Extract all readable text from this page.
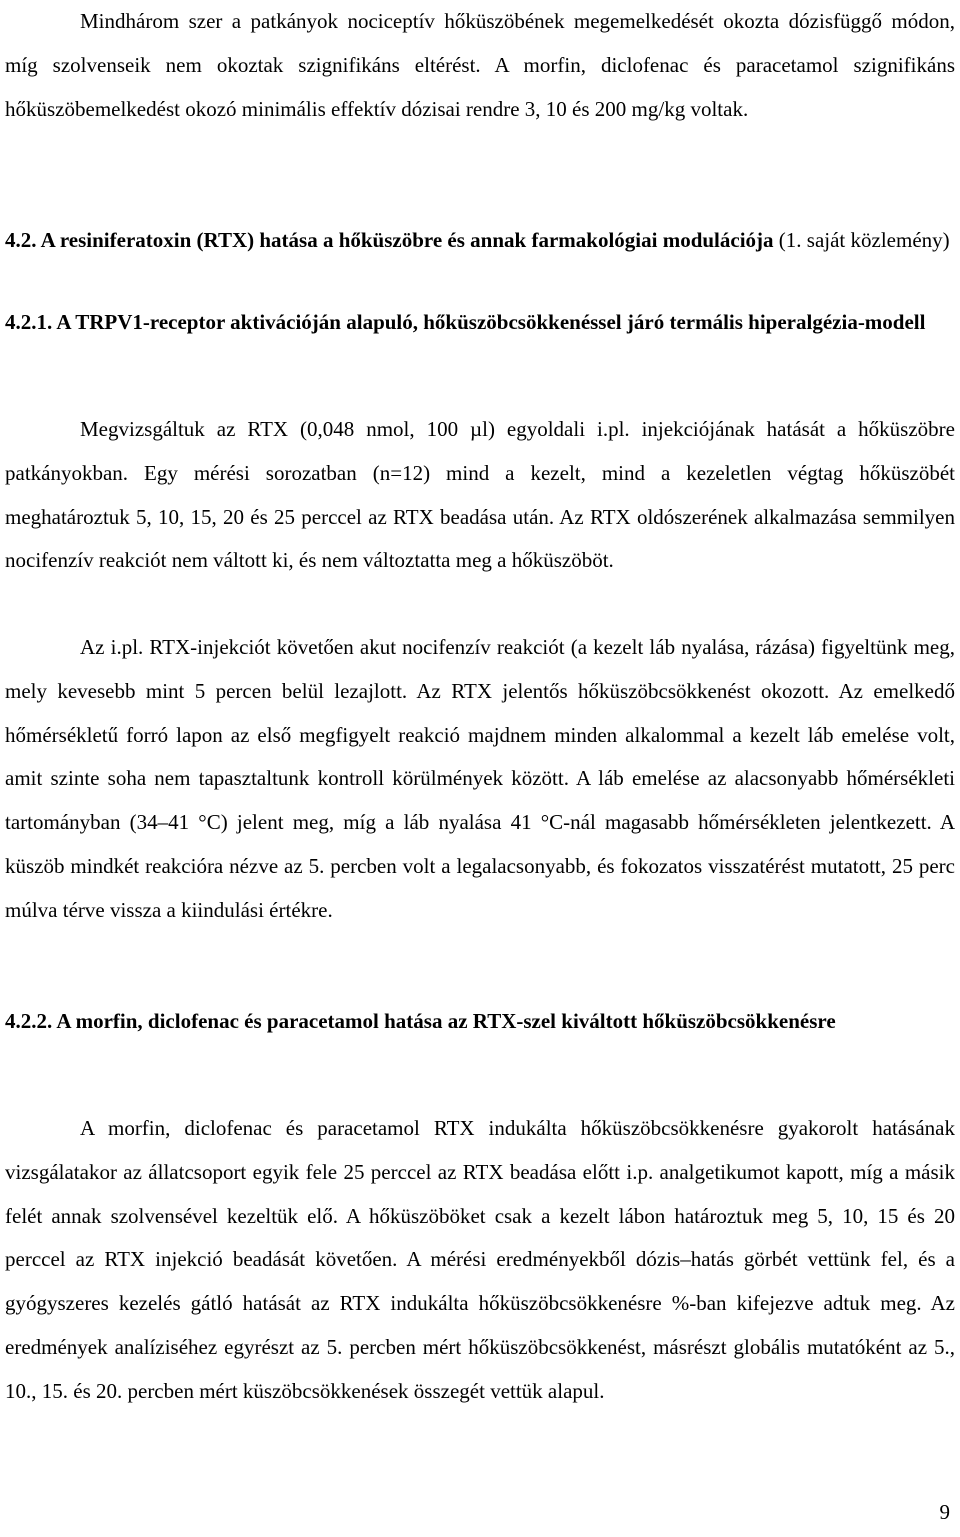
Mindhárom szer a patkányok nociceptív hőküszöbének megemelkedését okozta dózisfüggő módon, míg szolvenseik nem okoztak szignifikáns eltérést. A morfin, diclofenac és paracetamol szignifikáns hőküszöbemelkedést okozó minimális effektív dózisai rendre 3, 10 és 200 mg/kg voltak.

4.2. A resiniferatoxin (RTX) hatása a hőküszöbre és annak farmakológiai modulációja (1. saját közlemény)

4.2.1. A TRPV1-receptor aktivációján alapuló, hőküszöbcsökkenéssel járó termális hiperalgézia-modell

Megvizsgáltuk az RTX (0,048 nmol, 100 µl) egyoldali i.pl. injekciójának hatását a hőküszöbre patkányokban. Egy mérési sorozatban (n=12) mind a kezelt, mind a kezeletlen végtag hőküszöbét meghatároztuk 5, 10, 15, 20 és 25 perccel az RTX beadása után. Az RTX oldószerének alkalmazása semmilyen nocifenzív reakciót nem váltott ki, és nem változtatta meg a hőküszöböt.

Az i.pl. RTX-injekciót követően akut nocifenzív reakciót (a kezelt láb nyalása, rázása) figyeltünk meg, mely kevesebb mint 5 percen belül lezajlott. Az RTX jelentős hőküszöbcsökkenést okozott. Az emelkedő hőmérsékletű forró lapon az első megfigyelt reakció majdnem minden alkalommal a kezelt láb emelése volt, amit szinte soha nem tapasztaltunk kontroll körülmények között. A láb emelése az alacsonyabb hőmérsékleti tartományban (34–41 °C) jelent meg, míg a láb nyalása 41 °C-nál magasabb hőmérsékleten jelentkezett. A küszöb mindkét reakcióra nézve az 5. percben volt a legalacsonyabb, és fokozatos visszatérést mutatott, 25 perc múlva térve vissza a kiindulási értékre.

4.2.2. A morfin, diclofenac és paracetamol hatása az RTX-szel kiváltott hőküszöbcsökkenésre

A morfin, diclofenac és paracetamol RTX indukálta hőküszöbcsökkenésre gyakorolt hatásának vizsgálatakor az állatcsoport egyik fele 25 perccel az RTX beadása előtt i.p. analgetikumot kapott, míg a másik felét annak szolvensével kezeltük elő. A hőküszöböket csak a kezelt lábon határoztuk meg 5, 10, 15 és 20 perccel az RTX injekció beadását követően. A mérési eredményekből dózis–hatás görbét vettünk fel, és a gyógyszeres kezelés gátló hatását az RTX indukálta hőküszöbcsökkenésre %-ban kifejezve adtuk meg. Az eredmények analíziséhez egyrészt az 5. percben mért hőküszöbcsökkenést, másrészt globális mutatóként az 5., 10., 15. és 20. percben mért küszöbcsökkenések összegét vettük alapul.

9
